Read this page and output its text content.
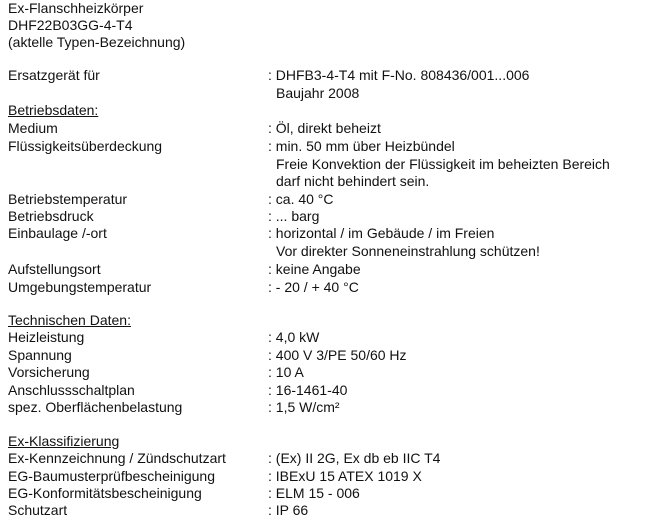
Ex-Flanschheizkörper
DHF22B03GG-4-T4
(aktelle Typen-Bezeichnung)
Ersatzgerät für	: DHFB3-4-T4 mit F-No. 808436/001...006
Baujahr 2008
Betriebsdaten:
Medium	: Öl, direkt beheizt
Flüssigkeitsüberdeckung	: min. 50 mm über Heizbündel
Freie Konvektion der Flüssigkeit im beheizten Bereich
darf nicht behindert sein.
Betriebstemperatur	: ca. 40 °C
Betriebsdruck	: ... barg
Einbaulage /-ort	: horizontal / im Gebäude / im Freien
Vor direkter Sonneneinstrahlung schützen!
Aufstellungsort	: keine Angabe
Umgebungstemperatur	: - 20 / + 40 °C
Technischen Daten:
Heizleistung	: 4,0 kW
Spannung	: 400 V 3/PE 50/60 Hz
Vorsicherung	: 10 A
Anschlussschaltplan	: 16-1461-40
spez. Oberflächenbelastung	: 1,5 W/cm²
Ex-Klassifizierung
Ex-Kennzeichnung / Zündschutzart	: (Ex) II 2G, Ex db eb IIC T4
EG-Baumusterprüfbescheinigung	: IBExU 15 ATEX 1019 X
EG-Konformitätsbescheinigung	: ELM 15 - 006
Schutzart	: IP 66
